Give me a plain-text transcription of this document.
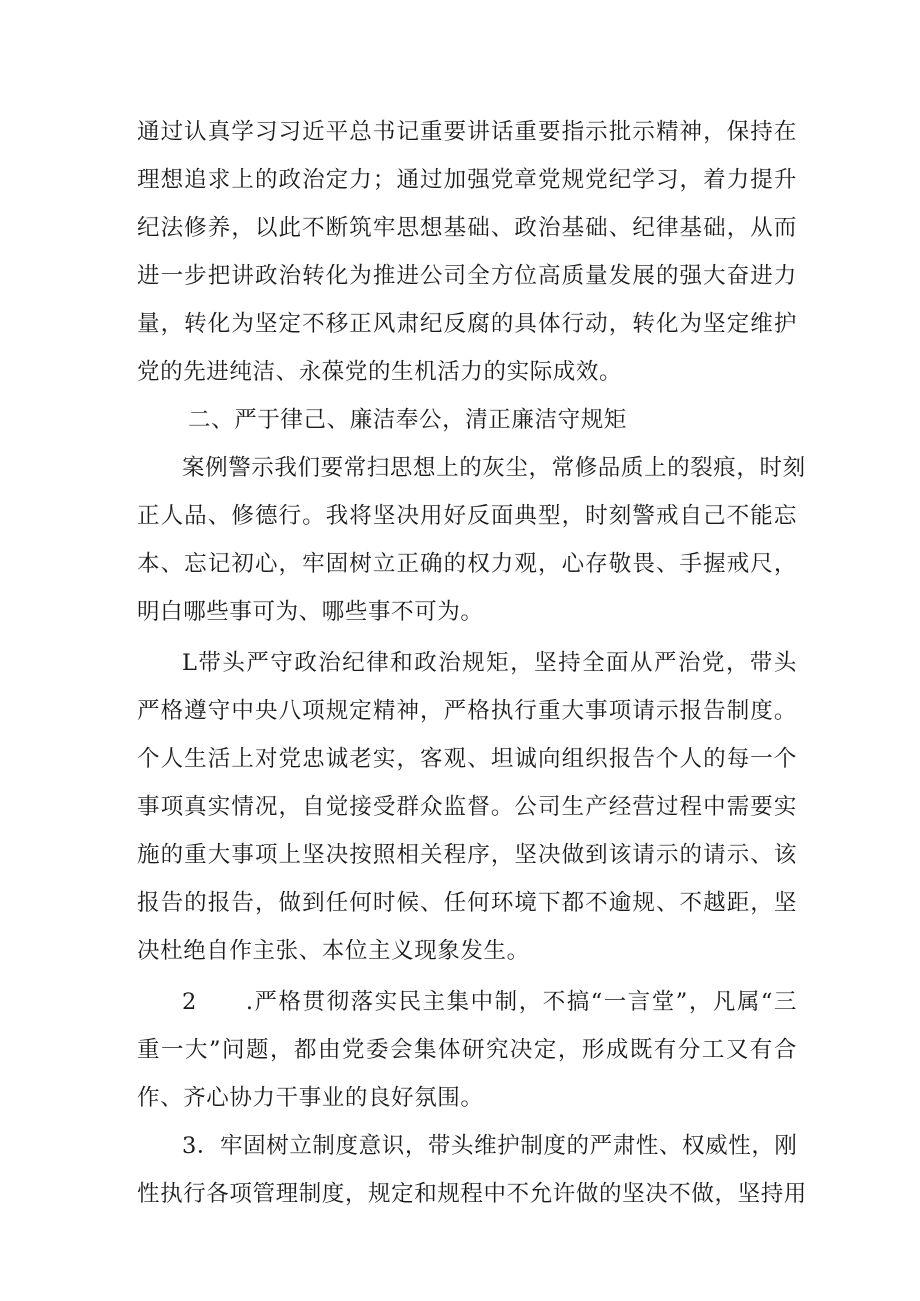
通过认真学习习近平总书记重要讲话重要指示批示精神，保持在
理想追求上的政治定力；通过加强党章党规党纪学习，着力提升
纪法修养，以此不断筑牢思想基础、政治基础、纪律基础，从而
进一步把讲政治转化为推进公司全方位高质量发展的强大奋进力
量，转化为坚定不移正风肃纪反腐的具体行动，转化为坚定维护
党的先进纯洁、永葆党的生机活力的实际成效。
二、严于律己、廉洁奉公，清正廉洁守规矩
案例警示我们要常扫思想上的灰尘，常修品质上的裂痕，时刻
正人品、修德行。我将坚决用好反面典型，时刻警戒自己不能忘
本、忘记初心，牢固树立正确的权力观，心存敬畏、手握戒尺，
明白哪些事可为、哪些事不可为。
L带头严守政治纪律和政治规矩，坚持全面从严治党，带头
严格遵守中央八项规定精神，严格执行重大事项请示报告制度。
个人生活上对党忠诚老实，客观、坦诚向组织报告个人的每一个
事项真实情况，自觉接受群众监督。公司生产经营过程中需要实
施的重大事项上坚决按照相关程序，坚决做到该请示的请示、该
报告的报告，做到任何时候、任何环境下都不逾规、不越距，坚
决杜绝自作主张、本位主义现象发生。
2　　.严格贯彻落实民主集中制，不搞“一言堂”，凡属“三
重一大”问题，都由党委会集体研究决定，形成既有分工又有合
作、齐心协力干事业的良好氛围。
3．牢固树立制度意识，带头维护制度的严肃性、权威性，刚
性执行各项管理制度，规定和规程中不允许做的坚决不做，坚持用
